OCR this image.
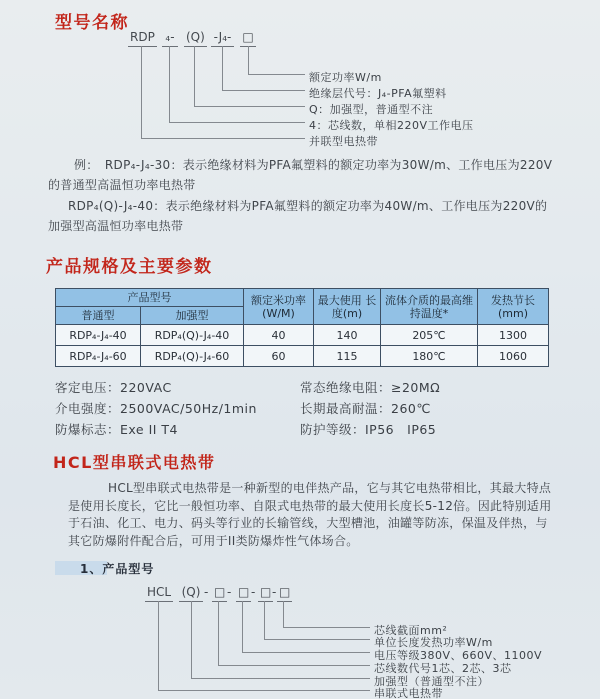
型号名称
RDP ₄- (Q) -J₄- □
额定功率W/m
绝缘层代号：J₄-PFA氟塑料
Q：加强型，普通型不注
4：芯线数，单相220V工作电压
并联型电热带

例：　RDP₄-J₄-30：表示绝缘材料为PFA氟塑料的额定功率为30W/m、工作电压为220V的普通型高温恒功率电热带

RDP₄(Q)-J₄-40：表示绝缘材料为PFA氟塑料的额定功率为40W/m、工作电压为220V的加强型高温恒功率电热带

产品规格及主要参数
产品型号		额定米功率 (W/M)	最大使用 长度(m)	流体介质的最高维 持温度*	发热节长 (mm)
普通型	加强型				
RDP₄-J₄-40	RDP₄(Q)-J₄-40	40	140	205℃	1300
RDP₄-J₄-60	RDP₄(Q)-J₄-60	60	115	180℃	1060
客定电压：220VAC
介电强度：2500VAC/50Hz/1min
防爆标志：Exe II T4
常态绝缘电阻：≥20MΩ
长期最高耐温：260℃
防护等级：IP56　IP65
HCL型串联式电热带

HCL型串联式电热带是一种新型的电伴热产品，它与其它电热带相比，其最大特点是使用长度长，它比一般恒功率、自限式电热带的最大使用长度长5-12倍。因此特别适用于石油、化工、电力、码头等行业的长输管线，大型槽池，油罐等防冻，保温及伴热，与其它防爆附件配合后，可用于II类防爆炸性气体场合。

1、产品型号
HCL (Q) - □ - □ - □ - □
芯线截面mm²
单位长度发热功率W/m
电压等级380V、660V、1100V
芯线数代号1芯、2芯、3芯
加强型（普通型不注）
串联式电热带
